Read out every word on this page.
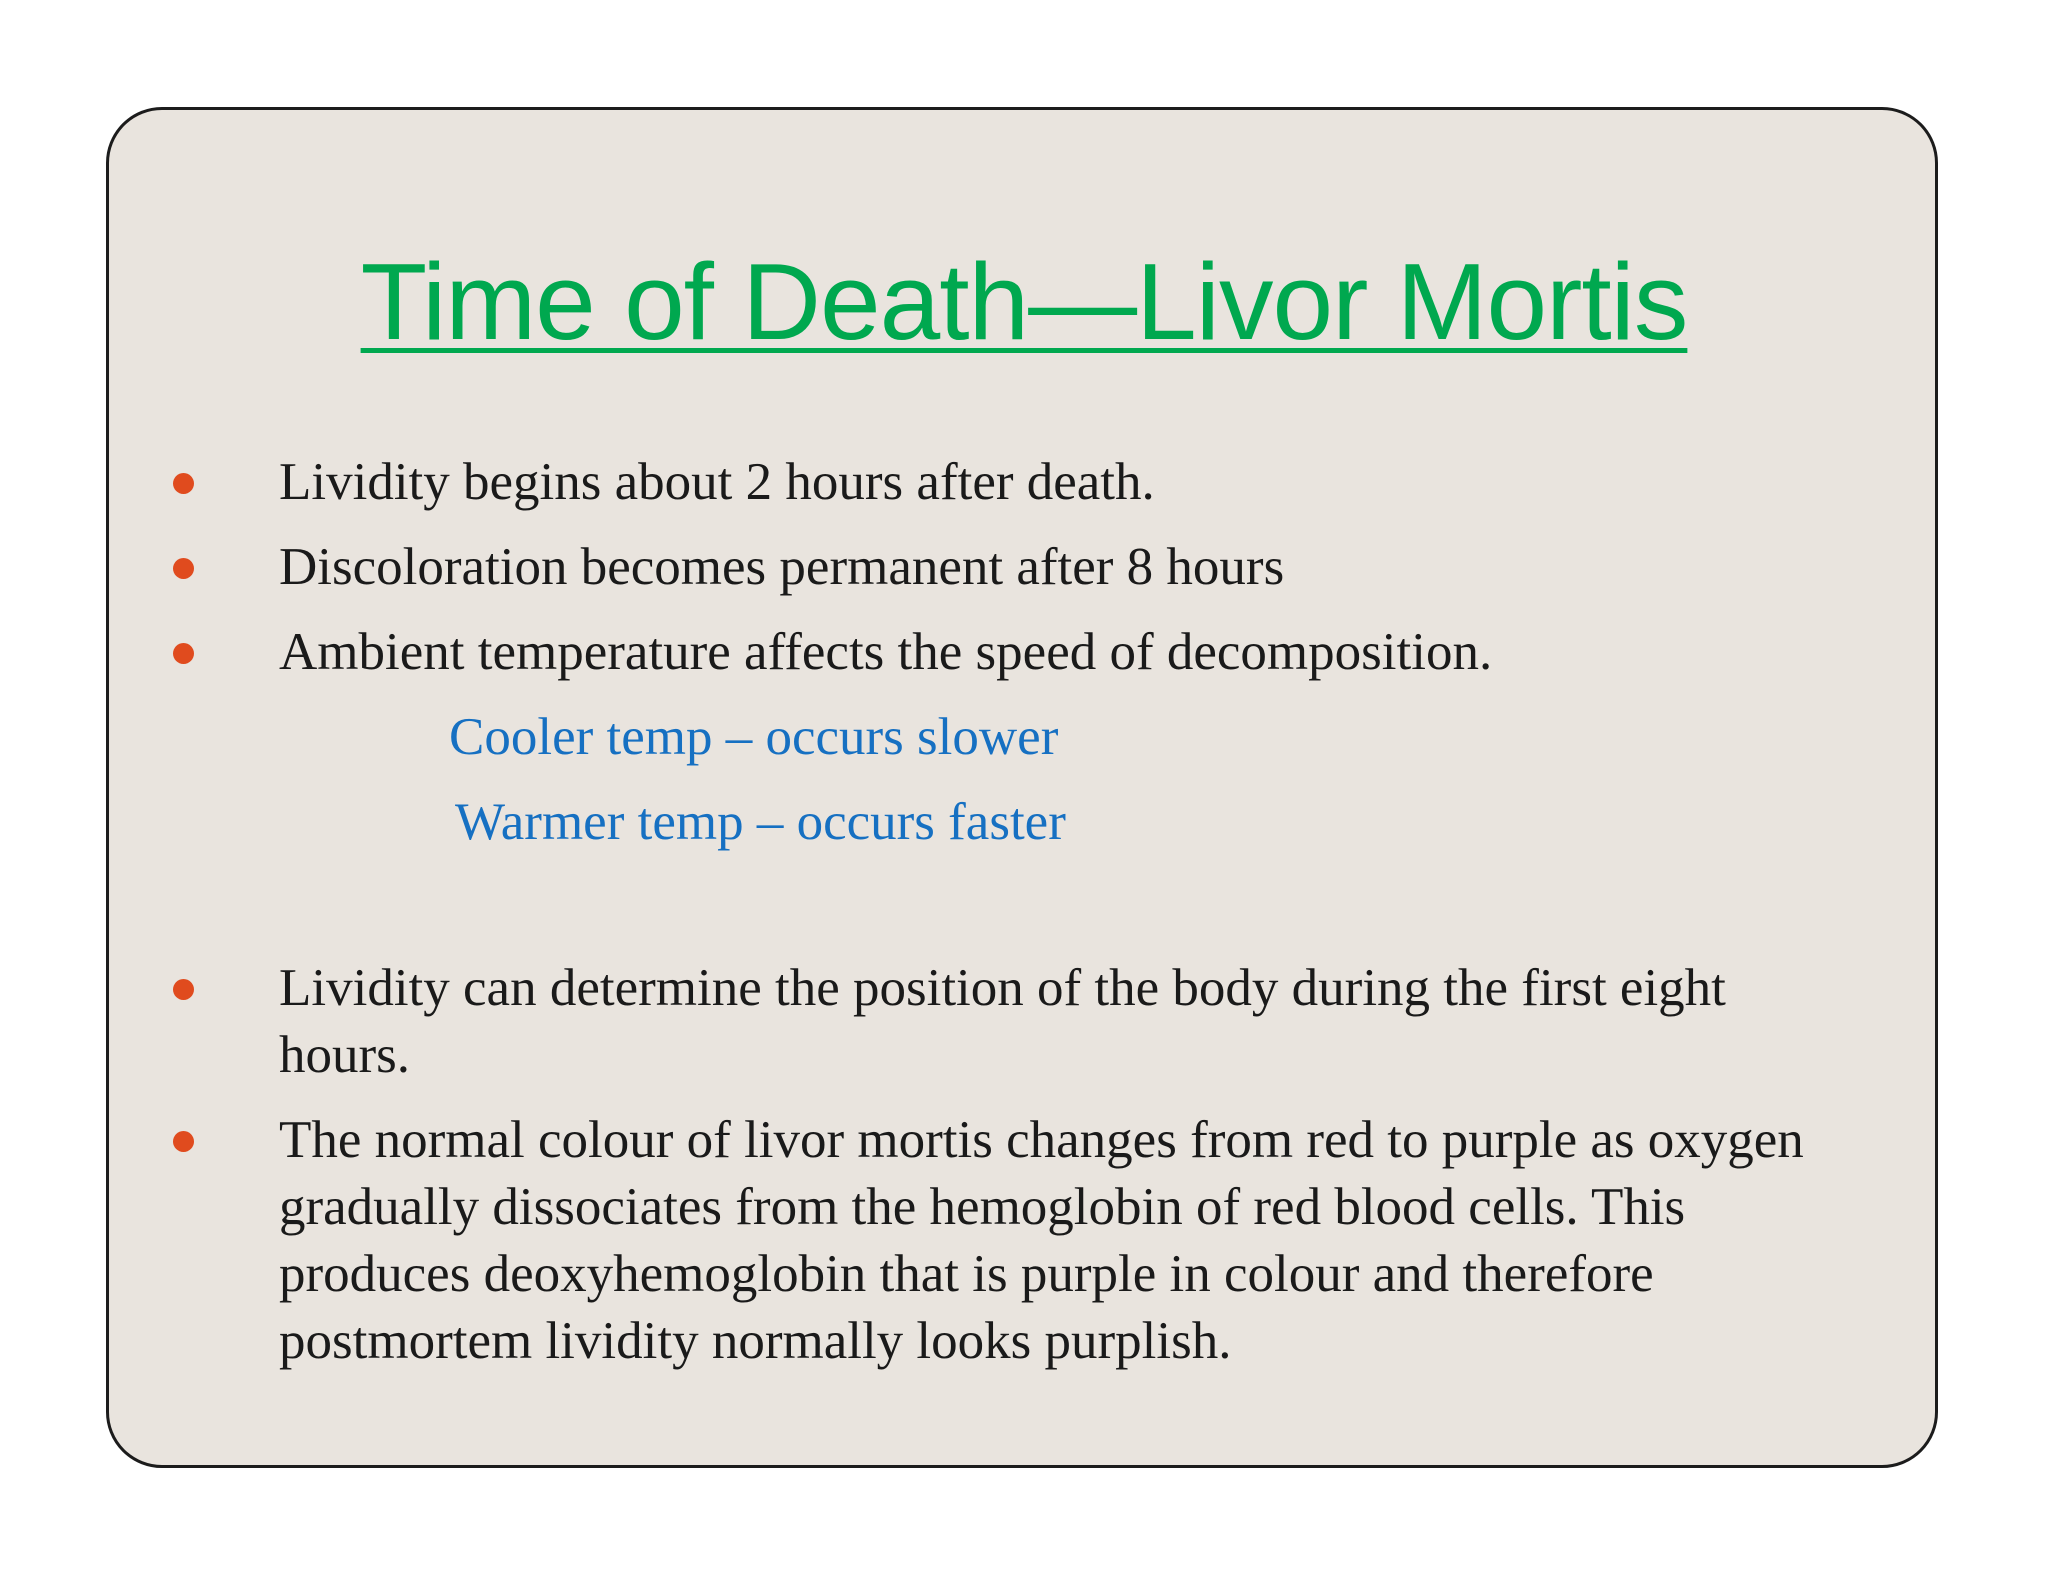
Time of Death—Livor Mortis
Lividity begins about 2 hours after death.
Discoloration becomes permanent after 8 hours
Ambient temperature affects the speed of decomposition.
Lividity can determine the position of the body during the first eight hours.
The normal colour of livor mortis changes from red to purple as oxygen gradually dissociates from the hemoglobin of red blood cells. This produces deoxyhemoglobin that is purple in colour and therefore postmortem lividity normally looks purplish.
Cooler temp – occurs slower
Warmer temp – occurs faster
